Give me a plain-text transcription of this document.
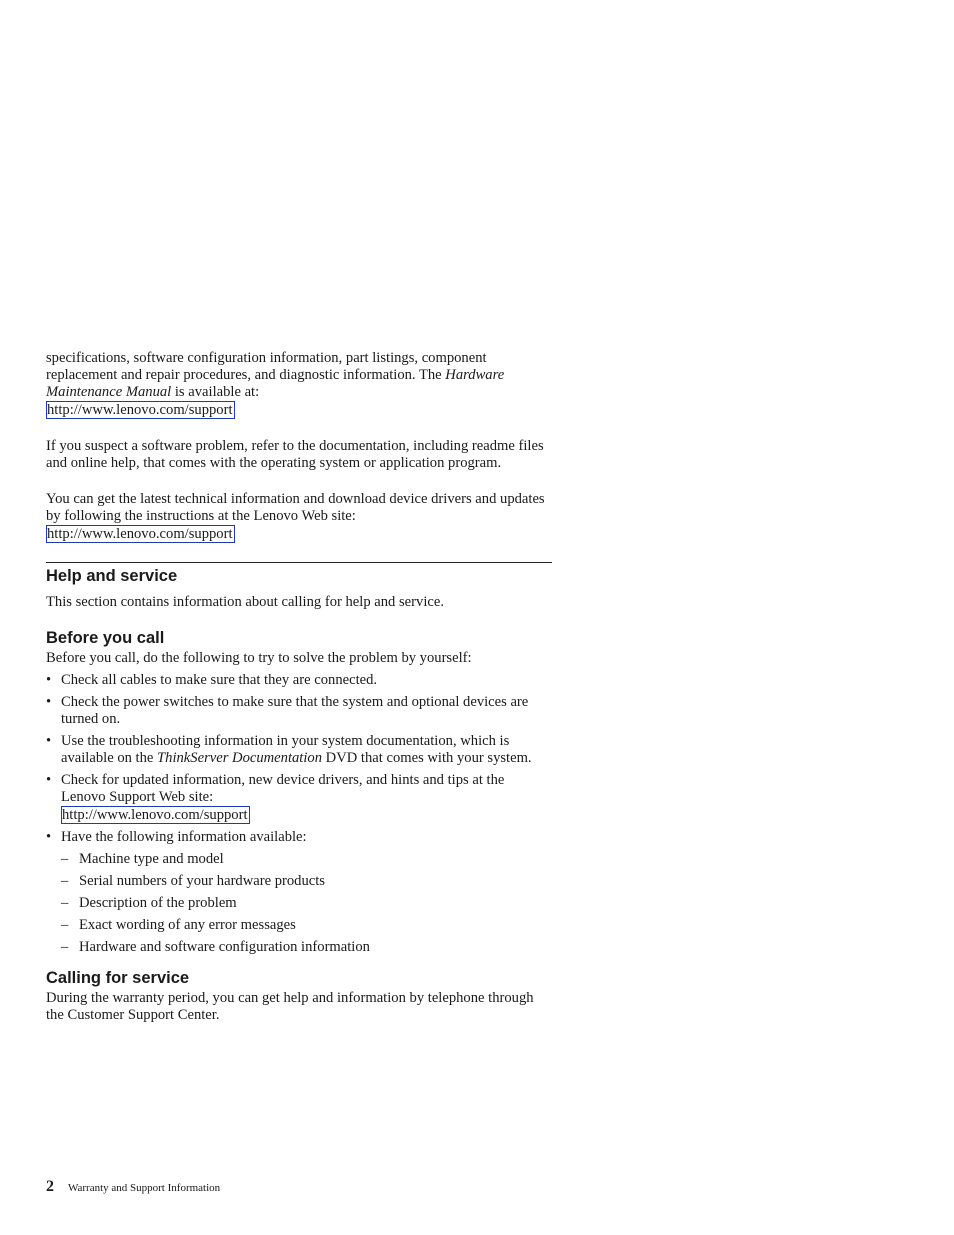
specifications, software configuration information, part listings, component replacement and repair procedures, and diagnostic information. The Hardware Maintenance Manual is available at:
http://www.lenovo.com/support

If you suspect a software problem, refer to the documentation, including readme files and online help, that comes with the operating system or application program.

You can get the latest technical information and download device drivers and updates by following the instructions at the Lenovo Web site:
http://www.lenovo.com/support

Help and service

This section contains information about calling for help and service.

Before you call

Before you call, do the following to try to solve the problem by yourself:

• Check all cables to make sure that they are connected.
• Check the power switches to make sure that the system and optional devices are turned on.
• Use the troubleshooting information in your system documentation, which is available on the ThinkServer Documentation DVD that comes with your system.
• Check for updated information, new device drivers, and hints and tips at the Lenovo Support Web site:
http://www.lenovo.com/support
• Have the following information available:
– Machine type and model
– Serial numbers of your hardware products
– Description of the problem
– Exact wording of any error messages
– Hardware and software configuration information
Calling for service

During the warranty period, you can get help and information by telephone through the Customer Support Center.

2 Warranty and Support Information
